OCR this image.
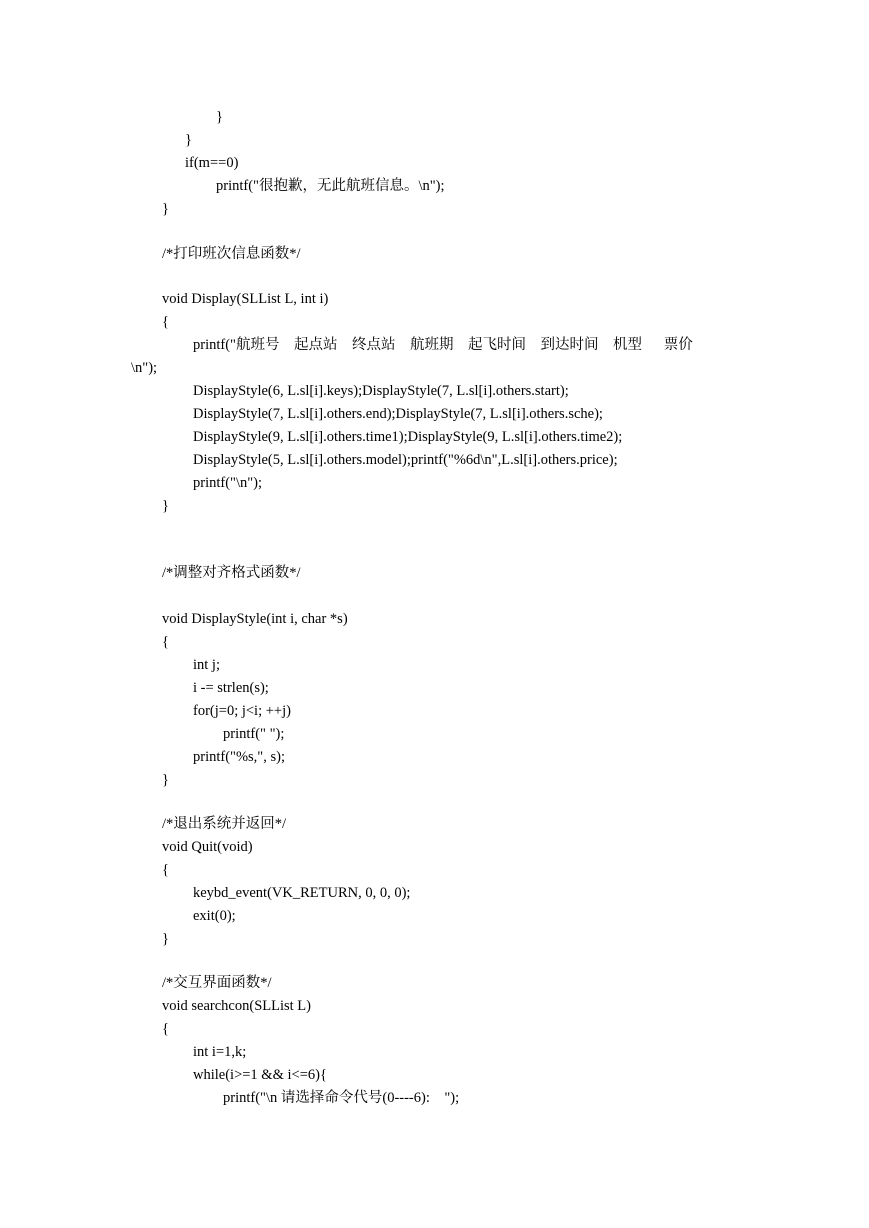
}
}
if(m==0)
printf("很抱歉，无此航班信息。\n");
}
/*打印班次信息函数*/
void Display(SLList L, int i)
{
printf("航班号    起点站    终点站    航班期    起飞时间    到达时间    机型      票价
\n");
DisplayStyle(6, L.sl[i].keys);DisplayStyle(7, L.sl[i].others.start);
DisplayStyle(7, L.sl[i].others.end);DisplayStyle(7, L.sl[i].others.sche);
DisplayStyle(9, L.sl[i].others.time1);DisplayStyle(9, L.sl[i].others.time2);
DisplayStyle(5, L.sl[i].others.model);printf("%6d\n",L.sl[i].others.price);
printf("\n");
}
/*调整对齐格式函数*/
void DisplayStyle(int i, char *s)
{
int j;
i -= strlen(s);
for(j=0; j<i; ++j)
printf(" ");
printf("%s,", s);
}
/*退出系统并返回*/
void Quit(void)
{
keybd_event(VK_RETURN, 0, 0, 0);
exit(0);
}
/*交互界面函数*/
void searchcon(SLList L)
{
int i=1,k;
while(i>=1 && i<=6){
printf("\n 请选择命令代号(0----6):    ");
